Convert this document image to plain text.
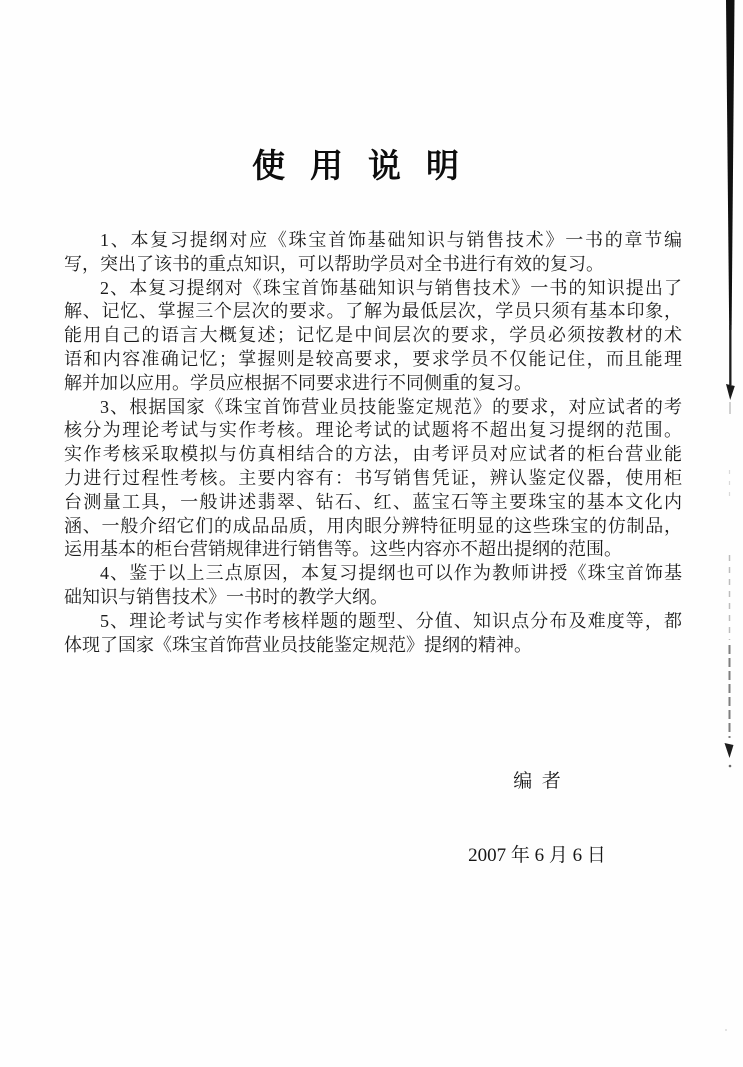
使用说明
1、本复习提纲对应《珠宝首饰基础知识与销售技术》一书的章节编
写，突出了该书的重点知识，可以帮助学员对全书进行有效的复习。
2、本复习提纲对《珠宝首饰基础知识与销售技术》一书的知识提出了
解、记忆、掌握三个层次的要求。了解为最低层次，学员只须有基本印象，
能用自己的语言大概复述；记忆是中间层次的要求，学员必须按教材的术
语和内容准确记忆；掌握则是较高要求，要求学员不仅能记住，而且能理
解并加以应用。学员应根据不同要求进行不同侧重的复习。
3、根据国家《珠宝首饰营业员技能鉴定规范》的要求，对应试者的考
核分为理论考试与实作考核。理论考试的试题将不超出复习提纲的范围。
实作考核采取模拟与仿真相结合的方法，由考评员对应试者的柜台营业能
力进行过程性考核。主要内容有：书写销售凭证，辨认鉴定仪器，使用柜
台测量工具，一般讲述翡翠、钻石、红、蓝宝石等主要珠宝的基本文化内
涵、一般介绍它们的成品品质，用肉眼分辨特征明显的这些珠宝的仿制品，
运用基本的柜台营销规律进行销售等。这些内容亦不超出提纲的范围。
4、鉴于以上三点原因，本复习提纲也可以作为教师讲授《珠宝首饰基
础知识与销售技术》一书时的教学大纲。
5、理论考试与实作考核样题的题型、分值、知识点分布及难度等，都
体现了国家《珠宝首饰营业员技能鉴定规范》提纲的精神。

编  者

2007 年 6 月 6 日
